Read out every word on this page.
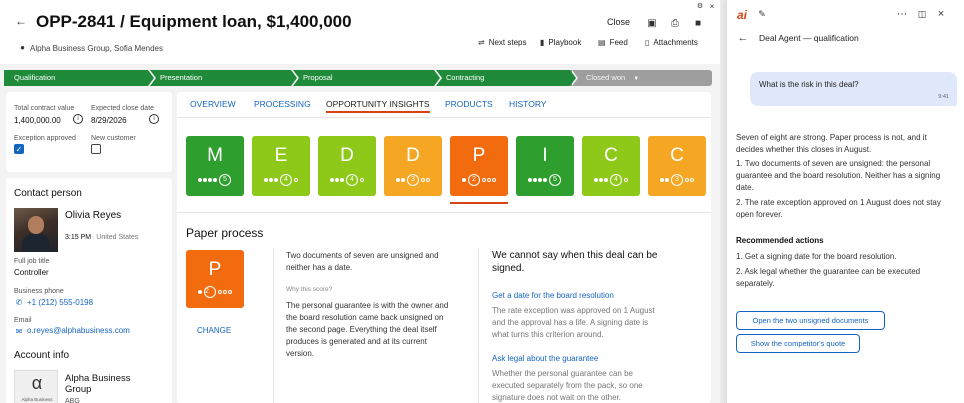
← OPP-2841 / Equipment loan, $1,400,000
● Alpha Business Group, Sofia Mendes
Close ▣ ⎙ ■
⚙ ×
⇌ Next steps ▮ Playbook ▤ Feed ▯ Attachments
Qualification	Presentation	Proposal	Contracting	Closed won ▼
Total contract value
1,400,000.00
Expected close date
8/29/2026
i	i
Exception approved
✓
New customer
Contact person
Olivia Reyes
3:15 PM · United States
Full job title
Controller
Business phone
✆ +1 (212) 555-0198
Email
✉ o.reyes@alphabusiness.com
Account info
α
Alpha Business
Alpha Business
Group
ABG
OVERVIEW PROCESSING OPPORTUNITY INSIGHTS PRODUCTS HISTORY
M
5
E
4
D
4
D
3
P
2
I
5
C
4
C
3
Paper process
P
2
CHANGE
Two documents of seven are unsigned and neither has a date.
Why this score?
The personal guarantee is with the owner and the board resolution came back unsigned on the second page. Everything the deal itself produces is generated and at its current version.
We cannot say when this deal can be signed.
Get a date for the board resolution
The rate exception was approved on 1 August and the approval has a life. A signing date is what turns this criterion around.
Ask legal about the guarantee
Whether the personal guarantee can be executed separately from the pack, so one signature does not wait on the other.
ai ✎	⋯ ◫ ×
← Deal Agent — qualification
What is the risk in this deal?
9:41
Seven of eight are strong. Paper process is not, and it decides whether this closes in August.
1. Two documents of seven are unsigned: the personal guarantee and the board resolution. Neither has a signing date.
2. The rate exception approved on 1 August does not stay open forever.
Recommended actions
1. Get a signing date for the board resolution.
2. Ask legal whether the guarantee can be executed separately.
Open the two unsigned documents
Show the competitor's quote
